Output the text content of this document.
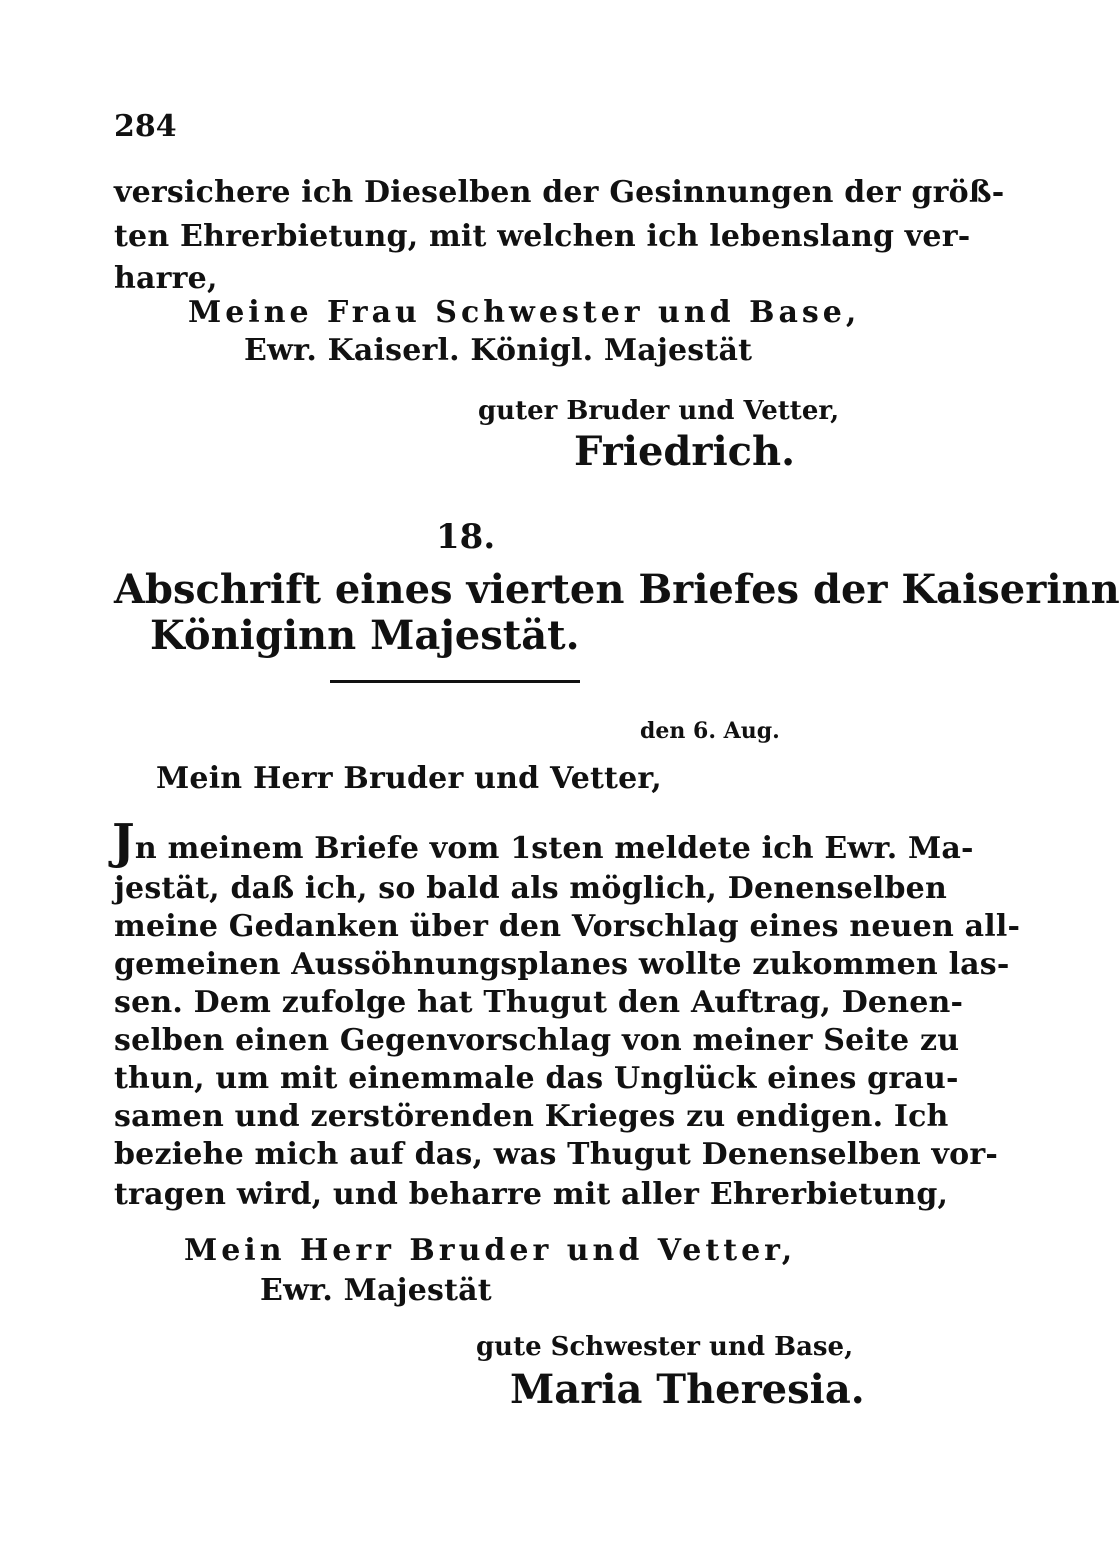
284
versichere ich Dieselben der Gesinnungen der größ-
ten Ehrerbietung, mit welchen ich lebenslang ver-
harre,
Meine Frau Schwester und Base,
Ewr. Kaiserl. Königl. Majestät
guter Bruder und Vetter,
Friedrich.
18.
Abschrift eines vierten Briefes der Kaiserinn
Königinn Majestät.
den 6. Aug.
Mein Herr Bruder und Vetter,
Jn meinem Briefe vom 1sten meldete ich Ewr. Ma-
jestät, daß ich, so bald als möglich, Denenselben
meine Gedanken über den Vorschlag eines neuen all-
gemeinen Aussöhnungsplanes wollte zukommen las-
sen. Dem zufolge hat Thugut den Auftrag, Denen-
selben einen Gegenvorschlag von meiner Seite zu
thun, um mit einemmale das Unglück eines grau-
samen und zerstörenden Krieges zu endigen. Ich
beziehe mich auf das, was Thugut Denenselben vor-
tragen wird, und beharre mit aller Ehrerbietung,
Mein Herr Bruder und Vetter,
Ewr. Majestät
gute Schwester und Base,
Maria Theresia.
